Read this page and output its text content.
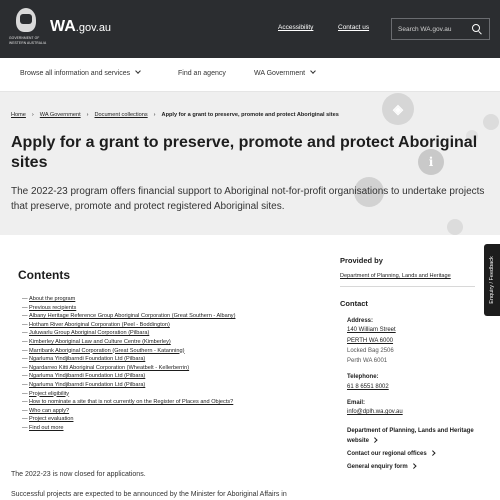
GOVERNMENT OF
WESTERN AUSTRALIA
WA.gov.au	Accessibility	Contact us
Search WA.gov.au
Browse all information and services	Find an agency	WA Government
◈
i
Home › WA Government › Document collections › Apply for a grant to preserve, promote and protect Aboriginal sites
Apply for a grant to preserve, promote and protect Aboriginal sites

The 2022-23 program offers financial support to Aboriginal not-for-profit organisations to undertake projects that preserve, promote and protect registered Aboriginal sites.

Contents
—About the program
—Previous recipients
—Albany Heritage Reference Group Aboriginal Corporation (Great Southern - Albany)
—Hotham River Aboriginal Corporation (Peel - Boddington)
—Juluwarlu Group Aboriginal Corporation (Pilbara)
—Kimberley Aboriginal Law and Culture Centre (Kimberley)
—Marribank Aboriginal Corporation (Great Southern - Katanning)
—Ngarluma Yindjibarndi Foundation Ltd (Pilbara)
—Ngardarreo Kitti Aboriginal Corporation (Wheatbelt - Kellerberrin)
—Ngarluma Yindjibarndi Foundation Ltd (Pilbara)
—Ngarluma Yindjibarndi Foundation Ltd (Pilbara)
—Project eligibility
—How to nominate a site that is not currently on the Register of Places and Objects?
—Who can apply?
—Project evaluation
—Find out more

The 2022-23 is now closed for applications.

Successful projects are expected to be announced by the Minister for Aboriginal Affairs in

Provided by
Department of Planning, Lands and Heritage
Contact
Address:
140 William Street
PERTH WA 6000
Locked Bag 2506
Perth WA 6001
Telephone:
61 8 6551 8002
Email:
info@dplh.wa.gov.au
Department of Planning, Lands and Heritage website
Contact our regional offices
General enquiry form
Enquiry / Feedback
